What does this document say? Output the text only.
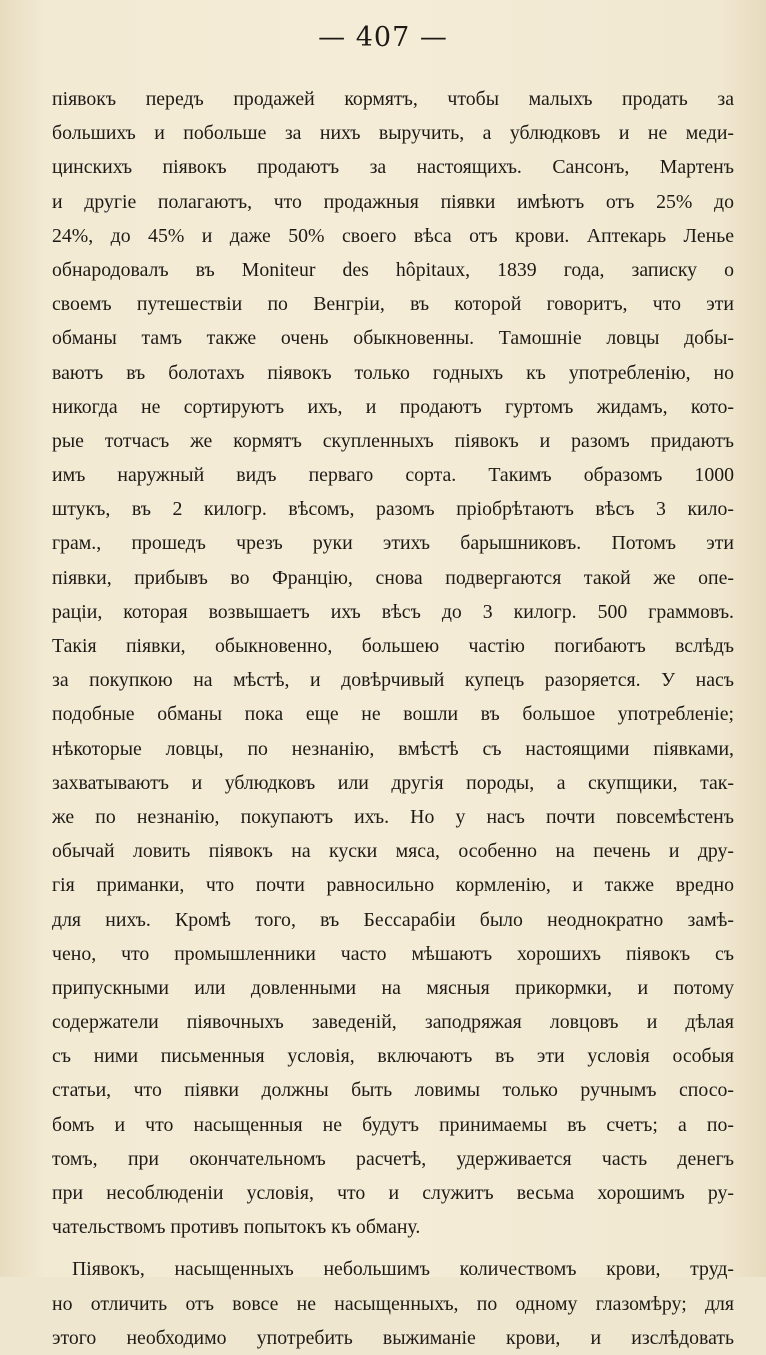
— 407 —
піявокъ передъ продажей кормятъ, чтобы малыхъ продать за
большихъ и побольше за нихъ выручить, а ублюдковъ и не меди-
цинскихъ піявокъ продаютъ за настоящихъ. Сансонъ, Мартенъ
и другіе полагаютъ, что продажныя піявки имѣютъ отъ 25% до
24%, до 45% и даже 50% своего вѣса отъ крови. Аптекарь Ленье
обнародовалъ въ Moniteur des hôpitaux, 1839 года, записку о
своемъ путешествіи по Венгріи, въ которой говоритъ, что эти
обманы тамъ также очень обыкновенны. Тамошніе ловцы добы-
ваютъ въ болотахъ піявокъ только годныхъ къ употребленію, но
никогда не сортируютъ ихъ, и продаютъ гуртомъ жидамъ, кото-
рые тотчасъ же кормятъ скупленныхъ піявокъ и разомъ придаютъ
имъ наружный видъ перваго сорта. Такимъ образомъ 1000
штукъ, въ 2 килогр. вѣсомъ, разомъ пріобрѣтаютъ вѣсъ 3 кило-
грам., прошедъ чрезъ руки этихъ барышниковъ. Потомъ эти
піявки, прибывъ во Францію, снова подвергаются такой же опе-
раціи, которая возвышаетъ ихъ вѣсъ до 3 килогр. 500 граммовъ.
Такія піявки, обыкновенно, большею частію погибаютъ вслѣдъ
за покупкою на мѣстѣ, и довѣрчивый купецъ разоряется. У насъ
подобные обманы пока еще не вошли въ большое употребленіе;
нѣкоторые ловцы, по незнанію, вмѣстѣ съ настоящими піявками,
захватываютъ и ублюдковъ или другія породы, а скупщики, так-
же по незнанію, покупаютъ ихъ. Но у насъ почти повсемѣстенъ
обычай ловить піявокъ на куски мяса, особенно на печень и дру-
гія приманки, что почти равносильно кормленію, и также вредно
для нихъ. Кромѣ того, въ Бессарабіи было неоднократно замѣ-
чено, что промышленники часто мѣшаютъ хорошихъ піявокъ съ
припускными или довленными на мясныя прикормки, и потому
содержатели піявочныхъ заведеній, заподряжая ловцовъ и дѣлая
съ ними письменныя условія, включаютъ въ эти условія особыя
статьи, что піявки должны быть ловимы только ручнымъ спосо-
бомъ и что насыщенныя не будутъ принимаемы въ счетъ; а по-
томъ, при окончательномъ расчетѣ, удерживается часть денегъ
при несоблюденіи условія, что и служитъ весьма хорошимъ ру-
чательствомъ противъ попытокъ къ обману.
Піявокъ, насыщенныхъ небольшимъ количествомъ крови, труд-
но отличить отъ вовсе не насыщенныхъ, по одному глазомѣру; для
этого необходимо употребить выжиманіе крови, и изслѣдовать
